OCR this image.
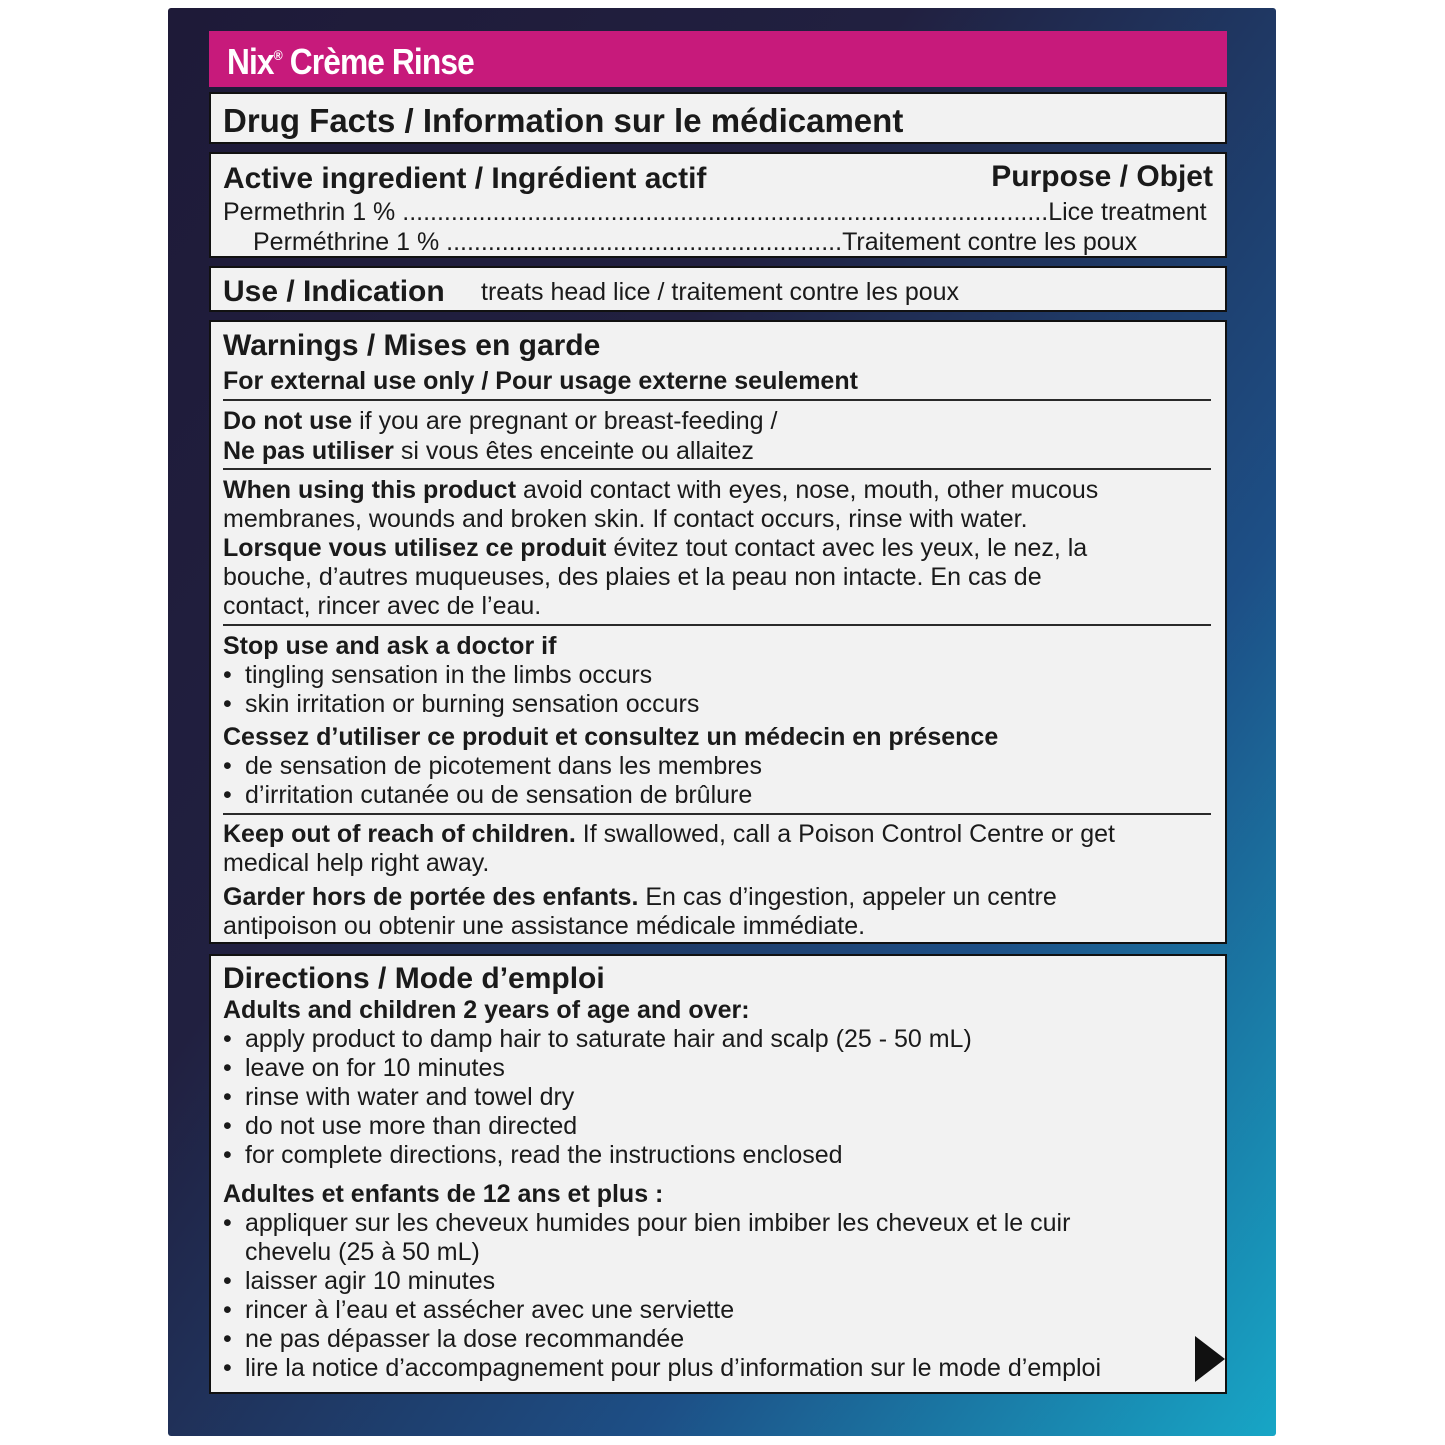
Nix® Crème Rinse
Drug Facts / Information sur le médicament
Active ingredient / Ingrédient actif	Purpose / Objet
Permethrin 1 % .............................................................................................Lice treatment
Perméthrine 1 % .........................................................Traitement contre les poux
Use / Indication treats head lice / traitement contre les poux
Warnings / Mises en garde
For external use only / Pour usage externe seulement
Do not use if you are pregnant or breast-feeding /
Ne pas utiliser si vous êtes enceinte ou allaitez
When using this product avoid contact with eyes, nose, mouth, other mucous
membranes, wounds and broken skin. If contact occurs, rinse with water.
Lorsque vous utilisez ce produit évitez tout contact avec les yeux, le nez, la
bouche, d’autres muqueuses, des plaies et la peau non intacte. En cas de
contact, rincer avec de l’eau.
Stop use and ask a doctor if
• tingling sensation in the limbs occurs
• skin irritation or burning sensation occurs
Cessez d’utiliser ce produit et consultez un médecin en présence
• de sensation de picotement dans les membres
• d’irritation cutanée ou de sensation de brûlure
Keep out of reach of children. If swallowed, call a Poison Control Centre or get
medical help right away.
Garder hors de portée des enfants. En cas d’ingestion, appeler un centre
antipoison ou obtenir une assistance médicale immédiate.
Directions / Mode d’emploi
Adults and children 2 years of age and over:
• apply product to damp hair to saturate hair and scalp (25 - 50 mL)
• leave on for 10 minutes
• rinse with water and towel dry
• do not use more than directed
• for complete directions, read the instructions enclosed
Adultes et enfants de 12 ans et plus :
• appliquer sur les cheveux humides pour bien imbiber les cheveux et le cuir
chevelu (25 à 50 mL)
• laisser agir 10 minutes
• rincer à l’eau et assécher avec une serviette
• ne pas dépasser la dose recommandée
• lire la notice d’accompagnement pour plus d’information sur le mode d’emploi
